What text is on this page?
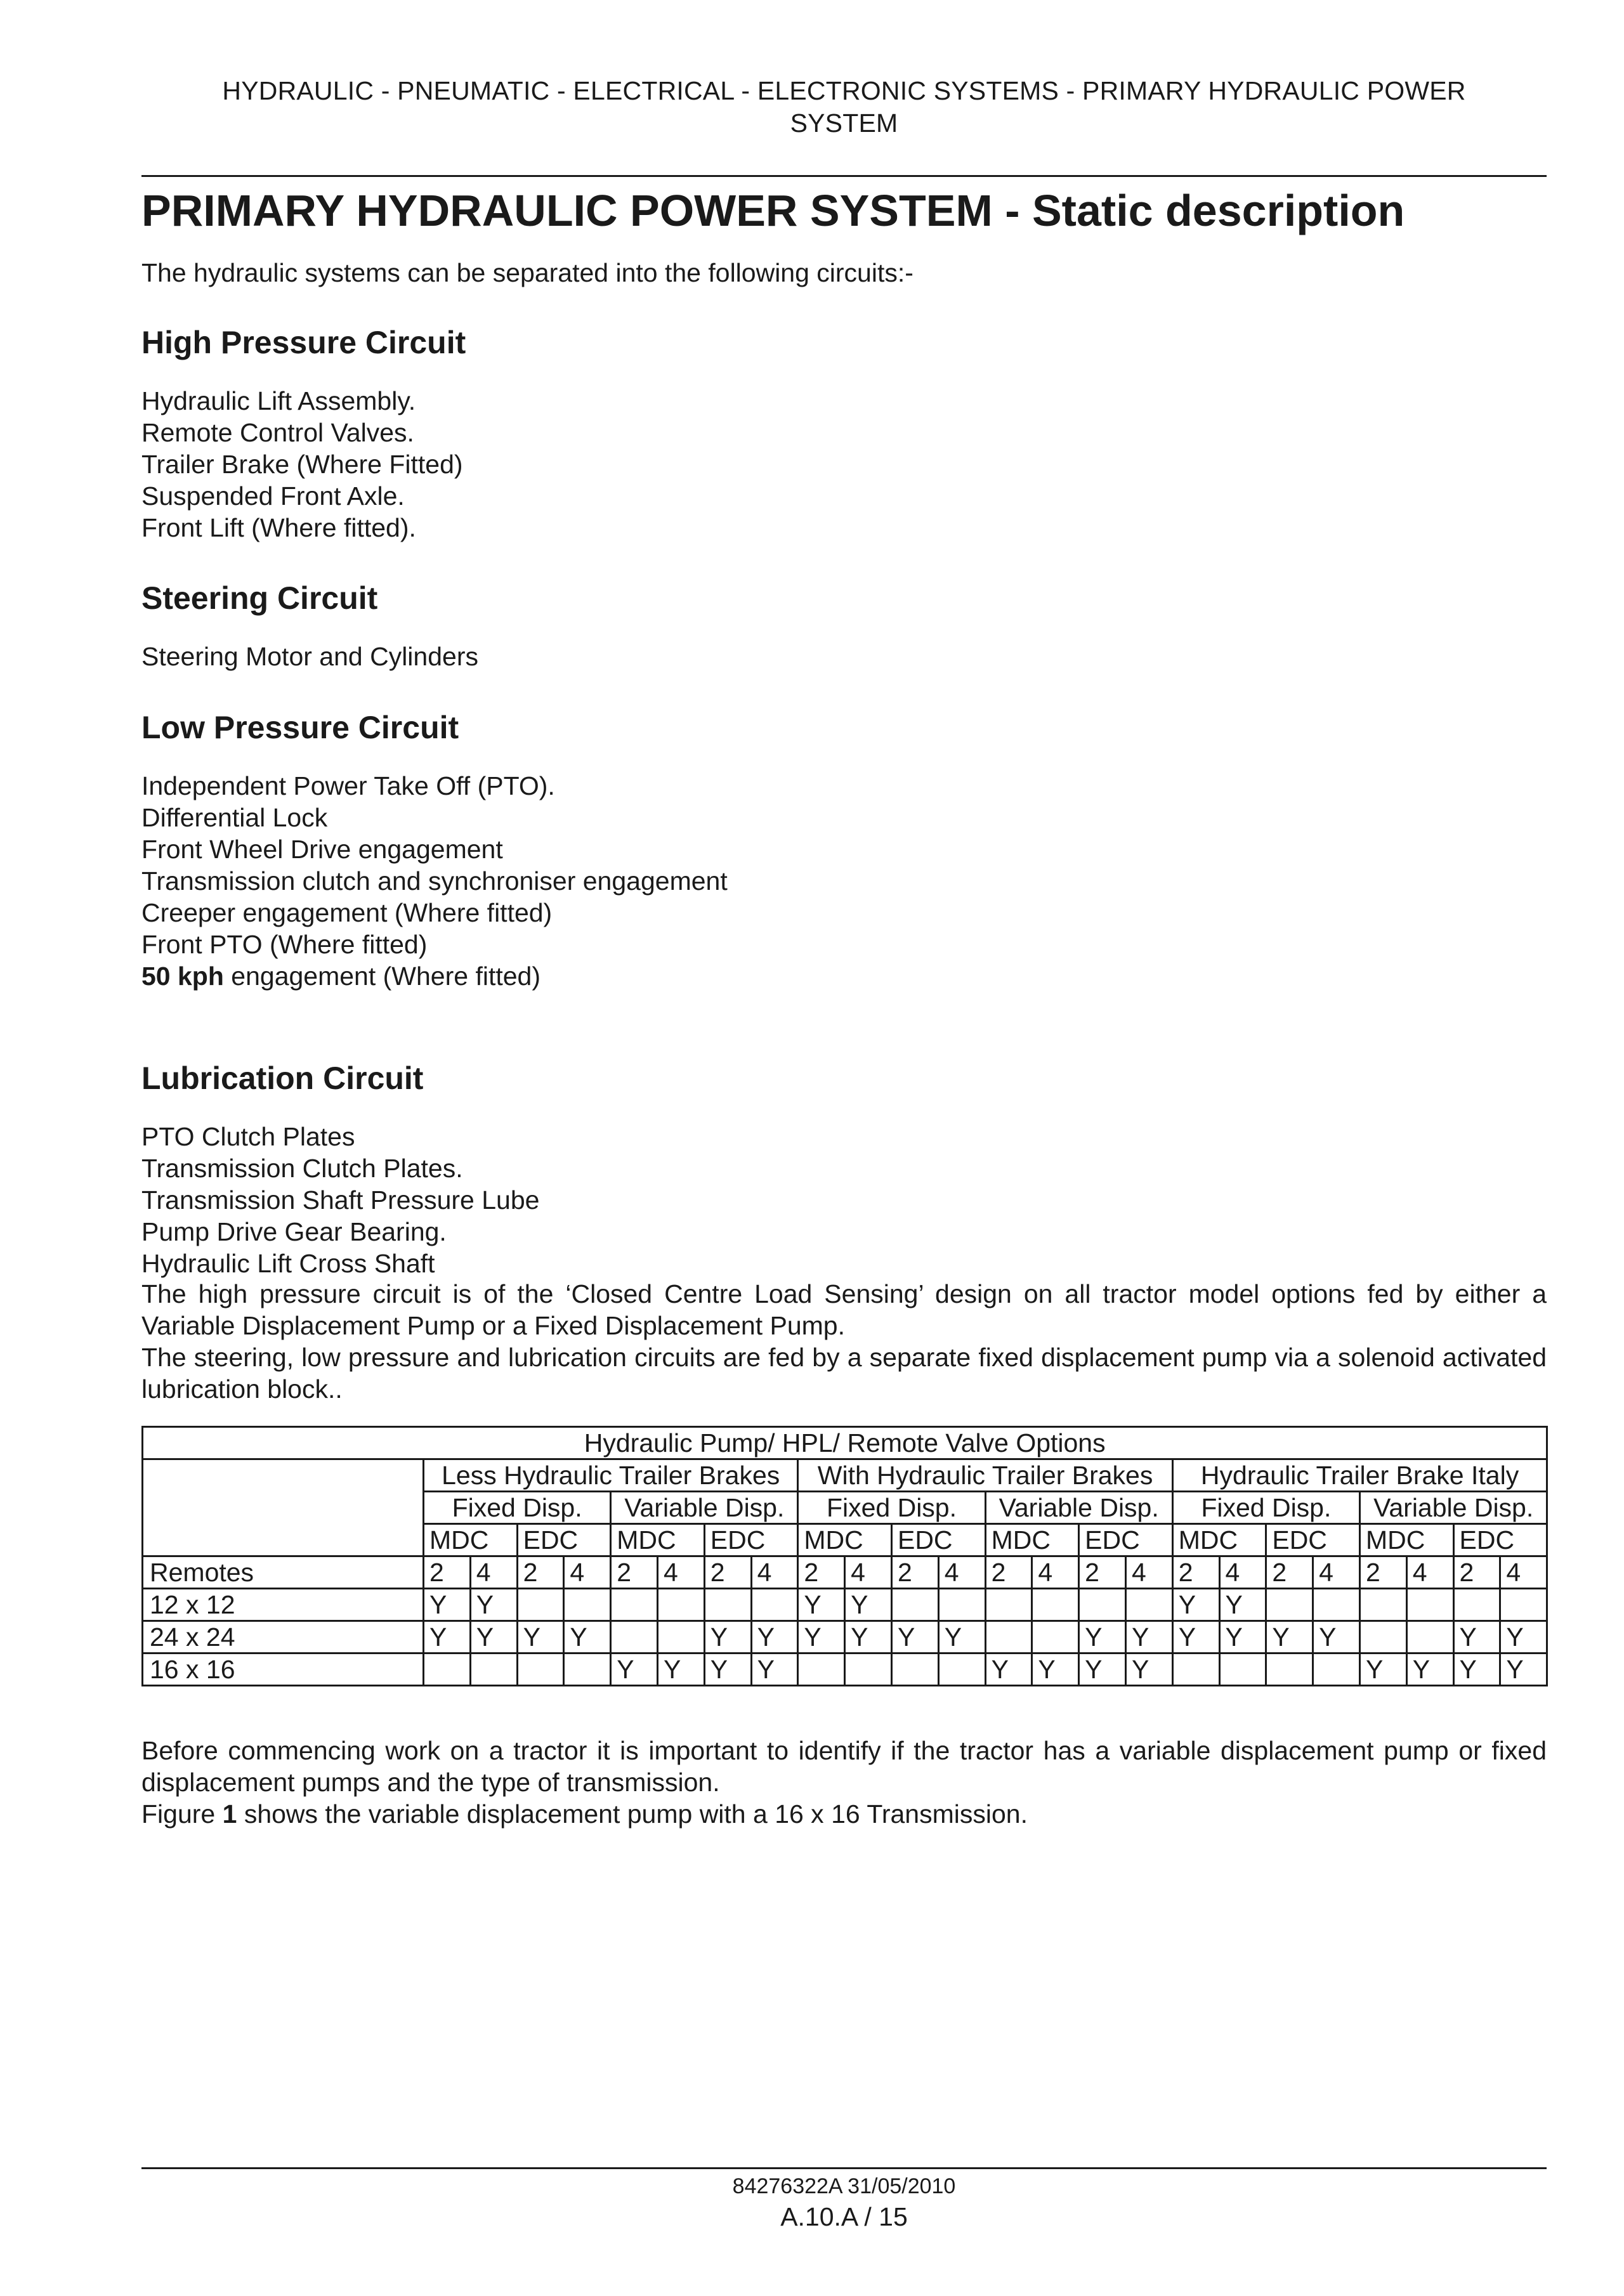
HYDRAULIC - PNEUMATIC - ELECTRICAL - ELECTRONIC SYSTEMS - PRIMARY HYDRAULIC POWER
SYSTEM
PRIMARY HYDRAULIC POWER SYSTEM - Static description
The hydraulic systems can be separated into the following circuits:-
High Pressure Circuit
Hydraulic Lift Assembly.
Remote Control Valves.
Trailer Brake (Where Fitted)
Suspended Front Axle.
Front Lift (Where fitted).
Steering Circuit
Steering Motor and Cylinders
Low Pressure Circuit
Independent Power Take Off (PTO).
Differential Lock
Front Wheel Drive engagement
Transmission clutch and synchroniser engagement
Creeper engagement (Where fitted)
Front PTO (Where fitted)
50 kph engagement (Where fitted)
Lubrication Circuit
PTO Clutch Plates
Transmission Clutch Plates.
Transmission Shaft Pressure Lube
Pump Drive Gear Bearing.
Hydraulic Lift Cross Shaft
The high pressure circuit is of the ‘Closed Centre Load Sensing’ design on all tractor model options fed by either a Variable Displacement Pump or a Fixed Displacement Pump.
The steering, low pressure and lubrication circuits are fed by a separate fixed displacement pump via a solenoid activated lubrication block..
Hydraulic Pump/ HPL/ Remote Valve Options																								
	Less Hydraulic Trailer Brakes								With Hydraulic Trailer Brakes								Hydraulic Trailer Brake Italy							
	Fixed Disp.				Variable Disp.				Fixed Disp.				Variable Disp.				Fixed Disp.				Variable Disp.			
	MDC		EDC		MDC		EDC		MDC		EDC		MDC		EDC		MDC		EDC		MDC		EDC	
Remotes	2	4	2	4	2	4	2	4	2	4	2	4	2	4	2	4	2	4	2	4	2	4	2	4
12 x 12	Y	Y							Y	Y							Y	Y						
24 x 24	Y	Y	Y	Y			Y	Y	Y	Y	Y	Y			Y	Y	Y	Y	Y	Y			Y	Y
16 x 16					Y	Y	Y	Y					Y	Y	Y	Y					Y	Y	Y	Y
Before commencing work on a tractor it is important to identify if the tractor has a variable displacement pump or fixed displacement pumps and the type of transmission.
Figure 1 shows the variable displacement pump with a 16 x 16 Transmission.
84276322A 31/05/2010
A.10.A / 15
